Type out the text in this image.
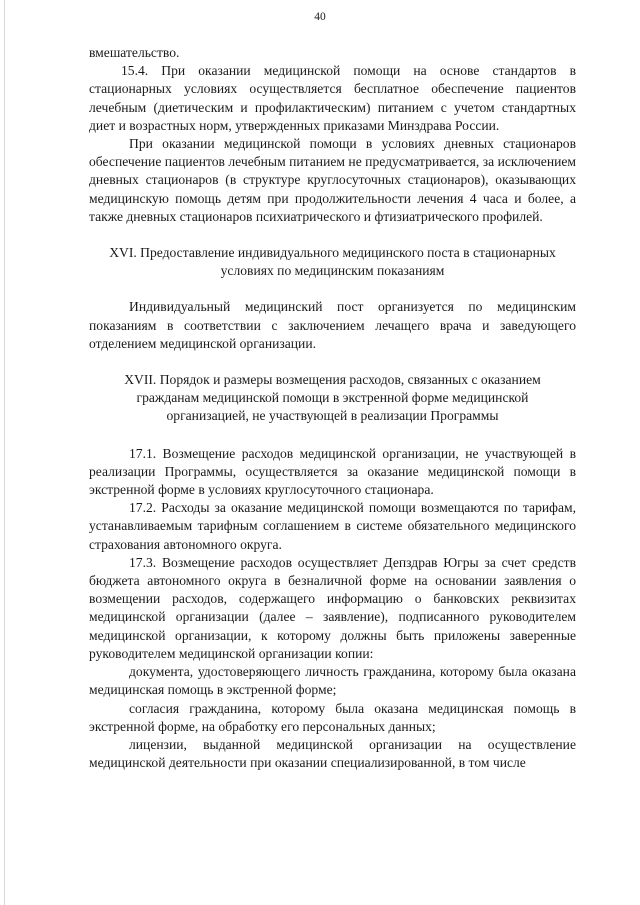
40

вмешательство.

15.4. При оказании медицинской помощи на основе стандартов в стационарных условиях осуществляется бесплатное обеспечение пациентов лечебным (диетическим и профилактическим) питанием с учетом стандартных диет и возрастных норм, утвержденных приказами Минздрава России.

При оказании медицинской помощи в условиях дневных стационаров обеспечение пациентов лечебным питанием не предусматривается, за исключением дневных стационаров (в структуре круглосуточных стационаров), оказывающих медицинскую помощь детям при продолжительности лечения 4 часа и более, а также дневных стационаров психиатрического и фтизиатрического профилей.

XVI. Предоставление индивидуального медицинского поста в стационарных условиях по медицинским показаниям

Индивидуальный медицинский пост организуется по медицинским показаниям в соответствии с заключением лечащего врача и заведующего отделением медицинской организации.

XVII. Порядок и размеры возмещения расходов, связанных с оказанием гражданам медицинской помощи в экстренной форме медицинской организацией, не участвующей в реализации Программы

17.1. Возмещение расходов медицинской организации, не участвующей в реализации Программы, осуществляется за оказание медицинской помощи в экстренной форме в условиях круглосуточного стационара.

17.2. Расходы за оказание медицинской помощи возмещаются по тарифам, устанавливаемым тарифным соглашением в системе обязательного медицинского страхования автономного округа.

17.3. Возмещение расходов осуществляет Депздрав Югры за счет средств бюджета автономного округа в безналичной форме на основании заявления о возмещении расходов, содержащего информацию о банковских реквизитах медицинской организации (далее – заявление), подписанного руководителем медицинской организации, к которому должны быть приложены заверенные руководителем медицинской организации копии:

документа, удостоверяющего личность гражданина, которому была оказана медицинская помощь в экстренной форме;

согласия гражданина, которому была оказана медицинская помощь в экстренной форме, на обработку его персональных данных;

лицензии, выданной медицинской организации на осуществление медицинской деятельности при оказании специализированной, в том числе
